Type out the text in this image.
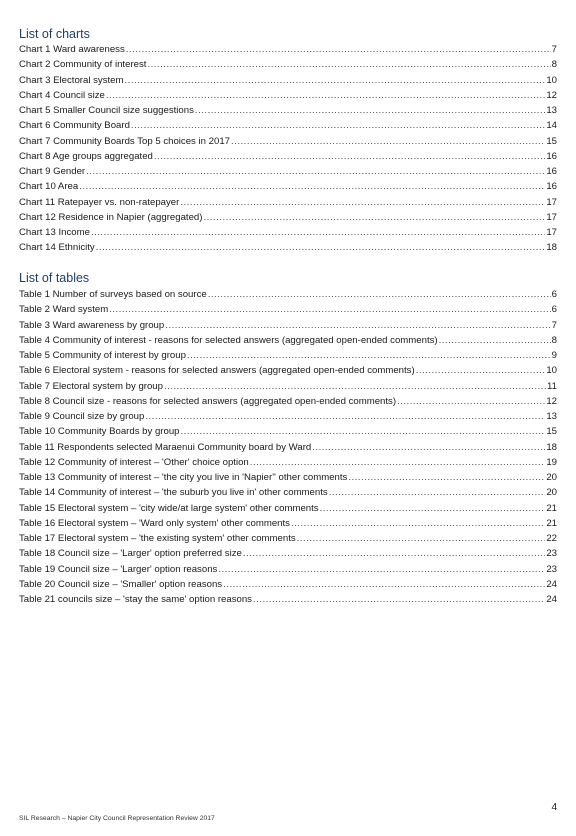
List of charts
Chart 1 Ward awareness .....	7
Chart 2 Community of interest .....	8
Chart 3 Electoral system .....	10
Chart 4 Council size .....	12
Chart 5 Smaller Council size suggestions .....	13
Chart 6 Community Board .....	14
Chart 7 Community Boards Top 5 choices in 2017 .....	15
Chart 8 Age groups aggregated .....	16
Chart 9 Gender .....	16
Chart 10 Area .....	16
Chart 11 Ratepayer vs. non-ratepayer .....	17
Chart 12 Residence in Napier (aggregated) .....	17
Chart 13 Income .....	17
Chart 14 Ethnicity .....	18
List of tables
Table 1 Number of surveys based on source .....	6
Table 2 Ward system .....	6
Table 3 Ward awareness by group .....	7
Table 4 Community of interest - reasons for selected answers (aggregated open-ended comments) .....	8
Table 5 Community of interest by group .....	9
Table 6 Electoral system - reasons for selected answers (aggregated open-ended comments) .....	10
Table 7 Electoral system by group .....	11
Table 8 Council size - reasons for selected answers (aggregated open-ended comments) .....	12
Table 9 Council size by group .....	13
Table 10 Community Boards by group .....	15
Table 11 Respondents selected Maraenui Community board by Ward .....	18
Table 12 Community of interest – 'Other' choice option .....	19
Table 13 Community of interest – 'the city you live in 'Napier'' other comments .....	20
Table 14 Community of interest – 'the suburb you live in' other comments .....	20
Table 15 Electoral system – 'city wide/at large system' other comments .....	21
Table 16 Electoral system – 'Ward only system' other comments .....	21
Table 17 Electoral system – 'the existing system' other comments .....	22
Table 18 Council size – 'Larger' option preferred size .....	23
Table 19 Council size – 'Larger' option reasons .....	23
Table 20 Council size – 'Smaller' option reasons .....	24
Table 21 councils size – 'stay the same' option reasons .....	24
4
SIL Research – Napier City Council Representation Review 2017
